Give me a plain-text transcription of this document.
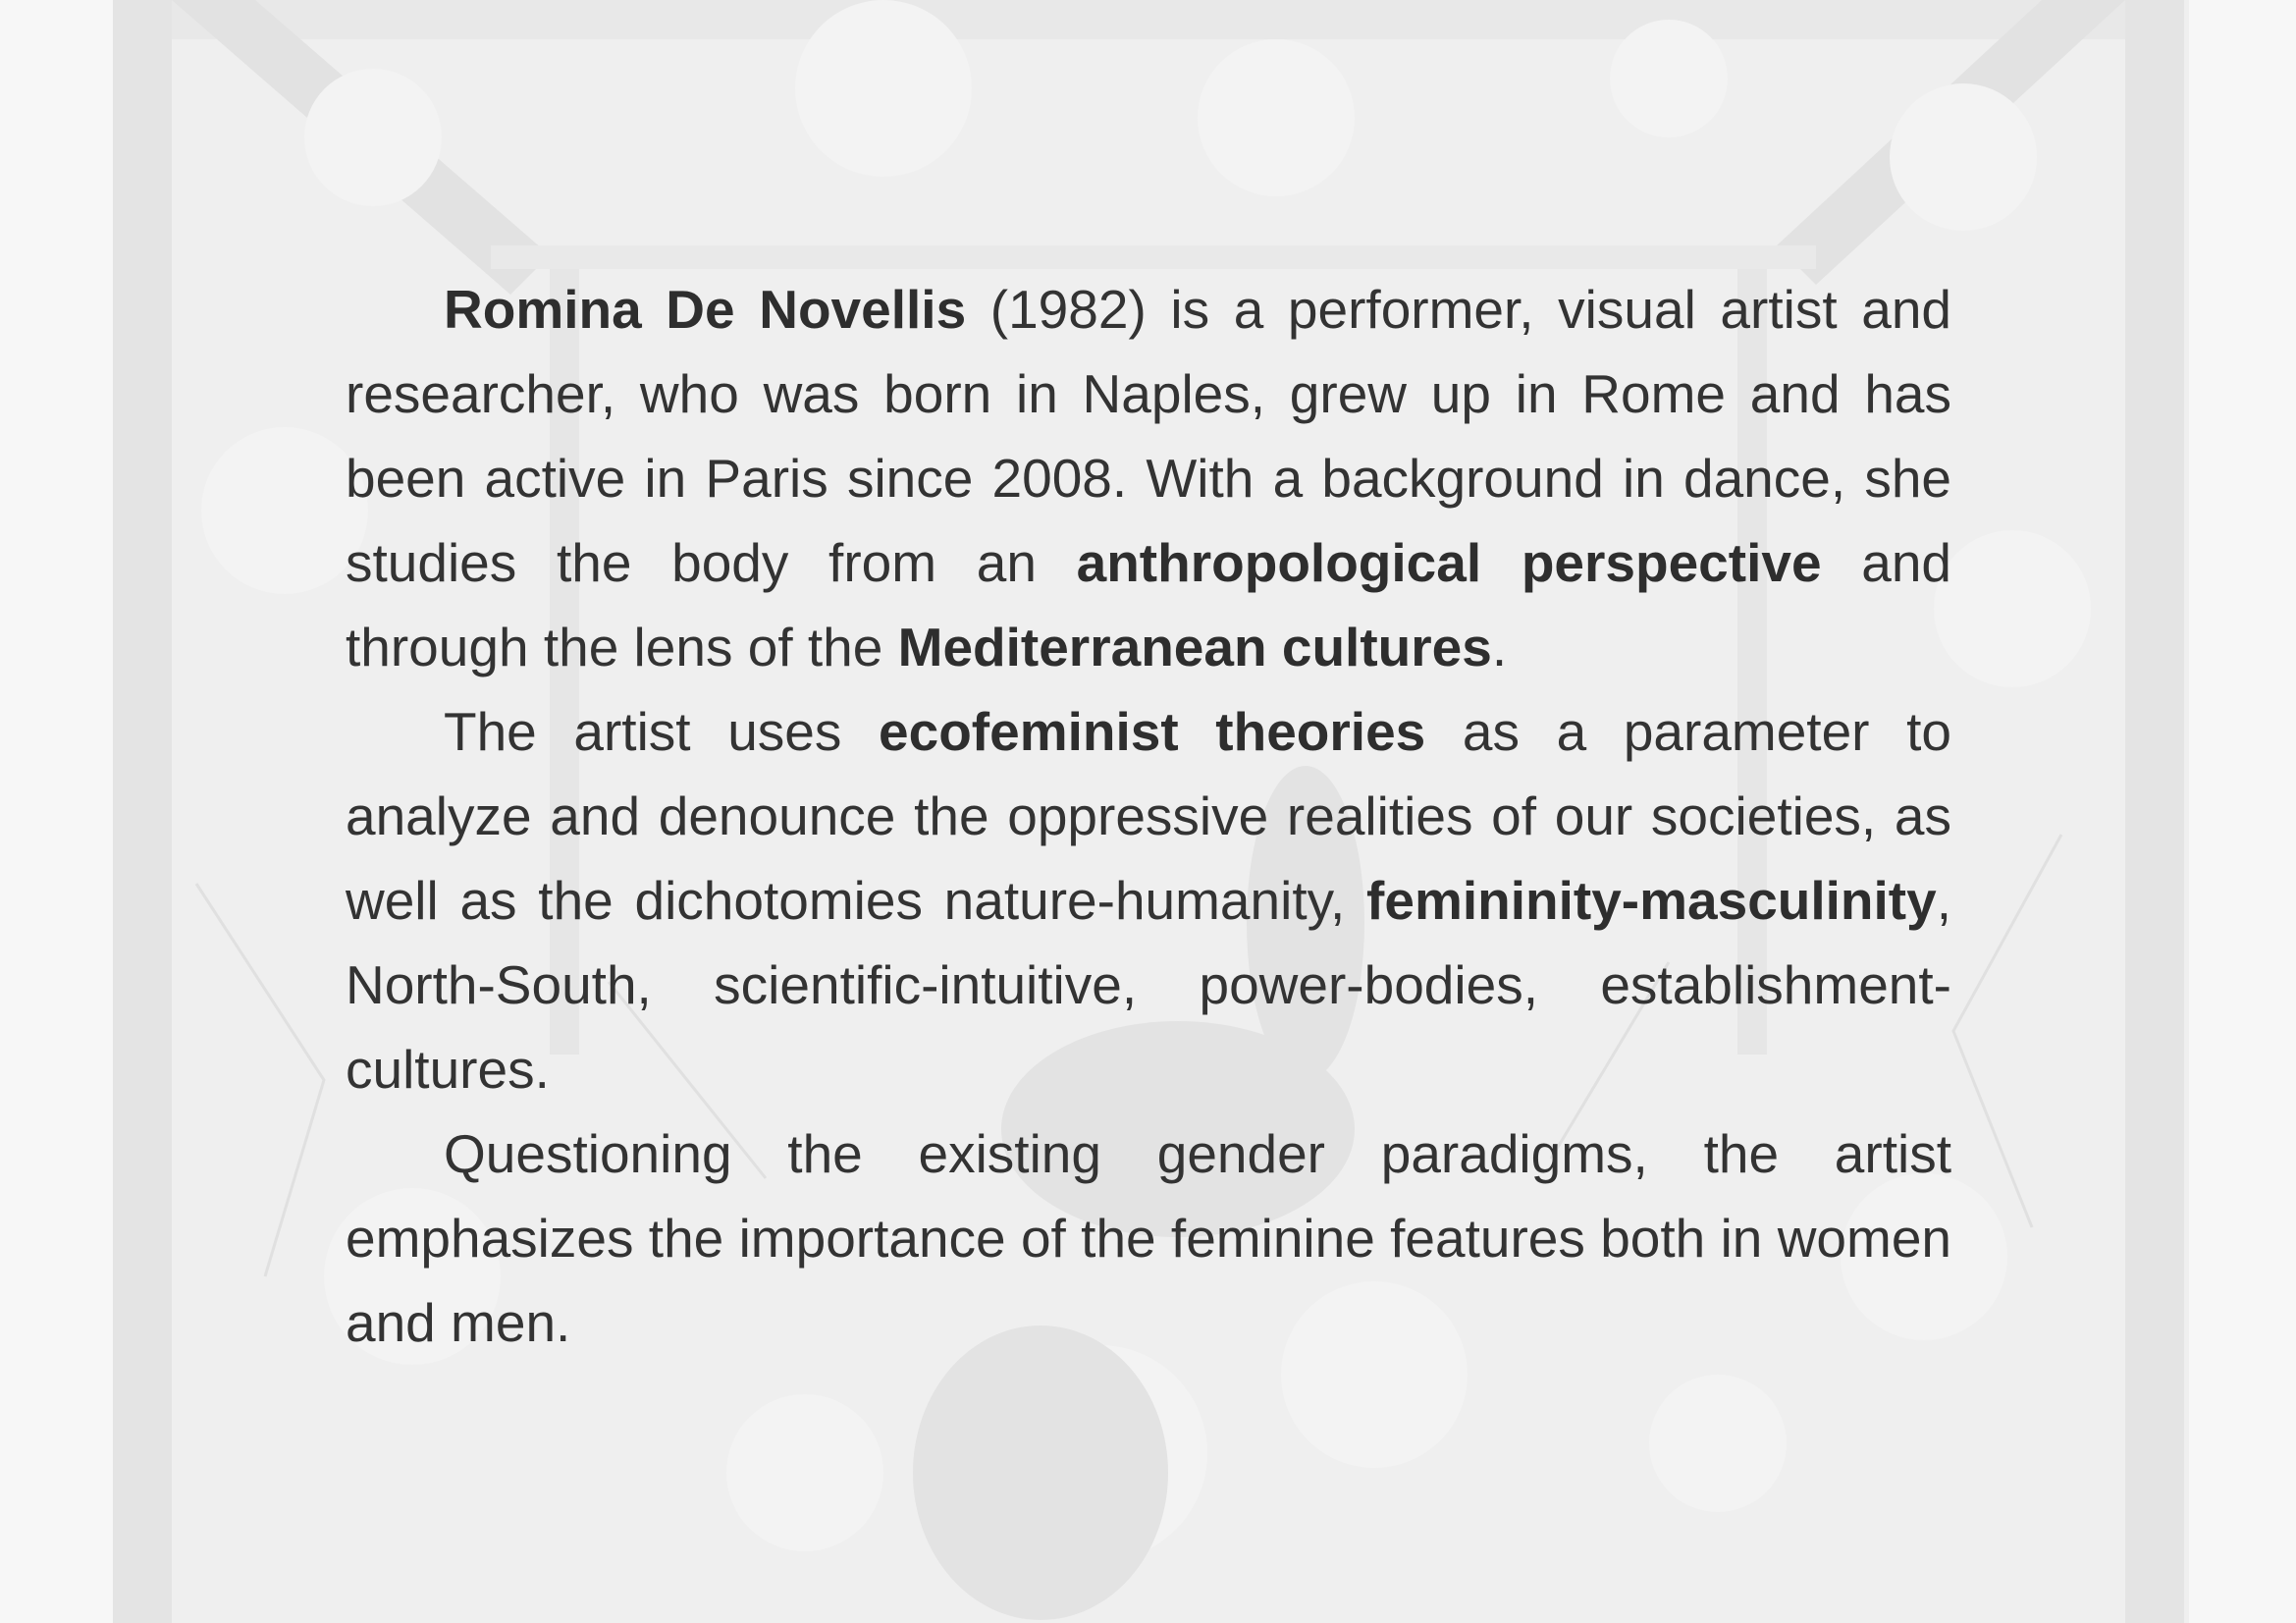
Romina De Novellis (1982) is a performer, visual artist and researcher, who was born in Naples, grew up in Rome and has been active in Paris since 2008. With a background in dance, she studies the body from an anthropological perspective and through the lens of the Mediterranean cultures.

The artist uses ecofeminist theories as a parameter to analyze and denounce the oppressive realities of our societies, as well as the dichotomies nature-humanity, femininity-masculinity, North-South, scientific-intuitive, power-bodies, establishment-cultures.

Questioning the existing gender paradigms, the artist emphasizes the importance of the feminine features both in women and men.
